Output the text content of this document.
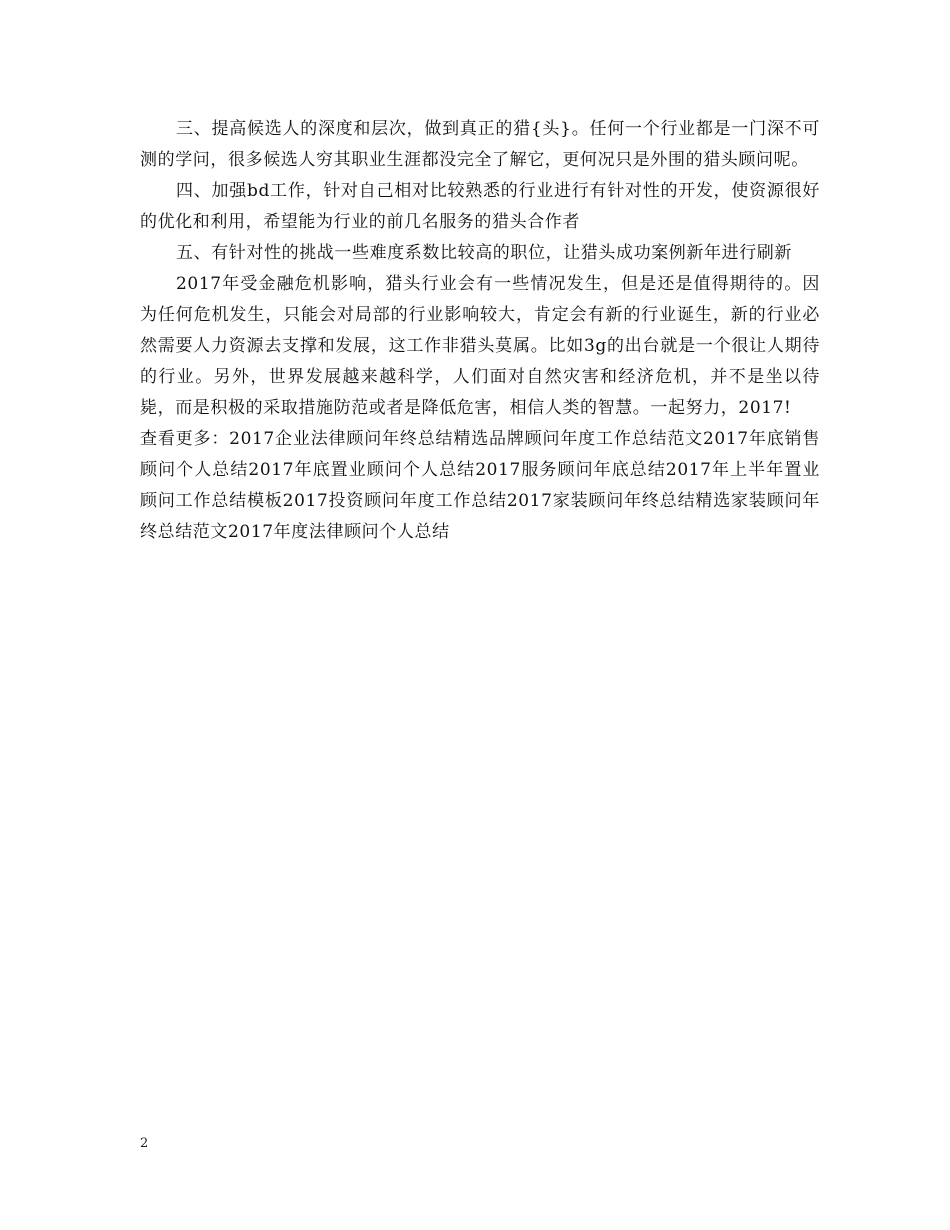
三、提高候选人的深度和层次，做到真正的猎{头}。任何一个行业都是一门深不可测的学问，很多候选人穷其职业生涯都没完全了解它，更何况只是外围的猎头顾问呢。

四、加强bd工作，针对自己相对比较熟悉的行业进行有针对性的开发，使资源很好的优化和利用，希望能为行业的前几名服务的猎头合作者

五、有针对性的挑战一些难度系数比较高的职位，让猎头成功案例新年进行刷新

2017年受金融危机影响，猎头行业会有一些情况发生，但是还是值得期待的。因为任何危机发生，只能会对局部的行业影响较大，肯定会有新的行业诞生，新的行业必然需要人力资源去支撑和发展，这工作非猎头莫属。比如3g的出台就是一个很让人期待的行业。另外，世界发展越来越科学，人们面对自然灾害和经济危机，并不是坐以待毙，而是积极的采取措施防范或者是降低危害，相信人类的智慧。一起努力，2017!

查看更多：2017企业法律顾问年终总结精选品牌顾问年度工作总结范文2017年底销售顾问个人总结2017年底置业顾问个人总结2017服务顾问年底总结2017年上半年置业顾问工作总结模板2017投资顾问年度工作总结2017家装顾问年终总结精选家装顾问年终总结范文2017年度法律顾问个人总结

2
